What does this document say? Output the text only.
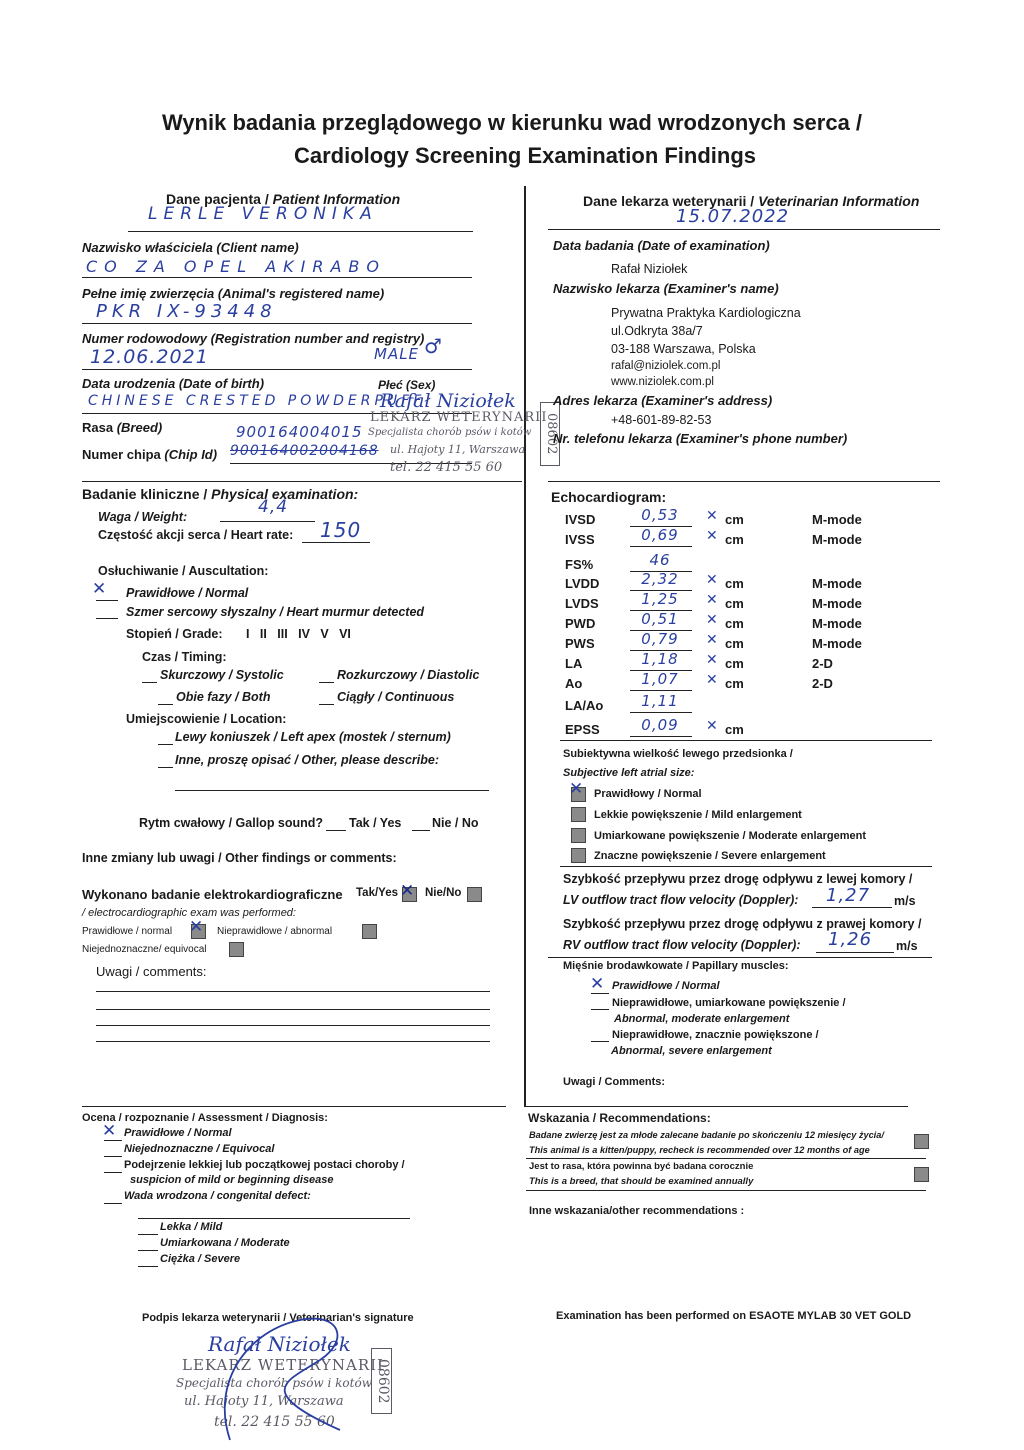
Wynik badania przeglądowego w kierunku wad wrodzonych serca /
Cardiology Screening Examination Findings
Dane pacjenta / Patient Information
LERLE VERONIKA
Nazwisko właściciela (Client name)
CO ZA OPEL AKIRABO
Pełne imię zwierzęcia (Animal's registered name)
PKR IX-93448
Numer rodowodowy (Registration number and registry)
12.06.2021	MALE ♂
Data urodzenia (Date of birth)	Płeć (Sex)
CHINESE CRESTED POWDERPUFF
Rasa (Breed)	900164004015
Numer chipa (Chip Id) 900164002004168
Rafał Niziołek
LEKARZ WETERYNARII
Specjalista chorób psów i kotów
ul. Hajoty 11, Warszawa
tel. 22 415 55 60
08602
Dane lekarza weterynarii / Veterinarian Information
15.07.2022
Data badania (Date of examination)
Rafał Niziołek
Nazwisko lekarza (Examiner's name)
Prywatna Praktyka Kardiologiczna
ul.Odkryta 38a/7
03-188 Warszawa, Polska
rafal@niziolek.com.pl
www.niziolek.com.pl
Adres lekarza (Examiner's address)
+48-601-89-82-53
Nr. telefonu lekarza (Examiner's phone number)
Badanie kliniczne / Physical examination:
Waga / Weight:	4,4
Częstość akcji serca / Heart rate: 150
Osłuchiwanie / Auscultation:
✕ Prawidłowe / Normal
Szmer sercowy słyszalny / Heart murmur detected
Stopień / Grade: I   II   III   IV   V   VI
Czas / Timing:
Skurczowy / Systolic	Rozkurczowy / Diastolic
Obie fazy / Both	Ciągły / Continuous
Umiejscowienie / Location:
Lewy koniuszek / Left apex (mostek / sternum)
Inne, proszę opisać / Other, please describe:
Rytm cwałowy / Gallop sound? Tak / Yes Nie / No
Inne zmiany lub uwagi / Other findings or comments:
Wykonano badanie elektrokardiograficzne Tak/Yes ✕ Nie/No
/ electrocardiographic exam was performed:
Prawidłowe / normal ✕ Nieprawidłowe / abnormal
Niejednoznaczne/ equivocal
Uwagi / comments:
Echocardiogram:
IVSD	0,53	✕ cm	M-mode
IVSS	0,69	✕ cm	M-mode
FS%	46
LVDD	2,32	✕ cm	M-mode
LVDS	1,25	✕ cm	M-mode
PWD	0,51	✕ cm	M-mode
PWS	0,79	✕ cm	M-mode
LA	1,18	✕ cm	2-D
Ao	1,07	✕ cm	2-D
LA/Ao	1,11
EPSS	0,09	✕ cm
Subiektywna wielkość lewego przedsionka /
Subjective left atrial size:
✕ Prawidłowy / Normal
Lekkie powiększenie / Mild enlargement
Umiarkowane powiększenie / Moderate enlargement
Znaczne powiększenie / Severe enlargement
Szybkość przepływu przez drogę odpływu z lewej komory /
LV outflow tract flow velocity (Doppler): 1,27 m/s
Szybkość przepływu przez drogę odpływu z prawej komory /
RV outflow tract flow velocity (Doppler): 1,26 m/s
Mięśnie brodawkowate / Papillary muscles:
✕ Prawidłowe / Normal
Nieprawidłowe, umiarkowane powiększenie /
Abnormal, moderate enlargement
Nieprawidłowe, znacznie powiększone /
Abnormal, severe enlargement
Uwagi / Comments:
Ocena / rozpoznanie / Assessment / Diagnosis:
✕ Prawidłowe / Normal
Niejednoznaczne / Equivocal
Podejrzenie lekkiej lub początkowej postaci choroby /
suspicion of mild or beginning disease
Wada wrodzona / congenital defect:
Lekka / Mild
Umiarkowana / Moderate
Ciężka / Severe
Wskazania / Recommendations:
Badane zwierzę jest za młode zalecane badanie po skończeniu 12 miesięcy życia/
This animal is a kitten/puppy, recheck is recommended over 12 months of age
Jest to rasa, która powinna być badana corocznie
This is a breed, that should be examined annually
Inne wskazania/other recommendations :
Podpis lekarza weterynarii / Veterinarian's signature	Examination has been performed on ESAOTE MYLAB 30 VET GOLD
Rafał Niziołek
LEKARZ WETERYNARII
Specjalista chorób psów i kotów
ul. Hajoty 11, Warszawa
tel. 22 415 55 60
08602
